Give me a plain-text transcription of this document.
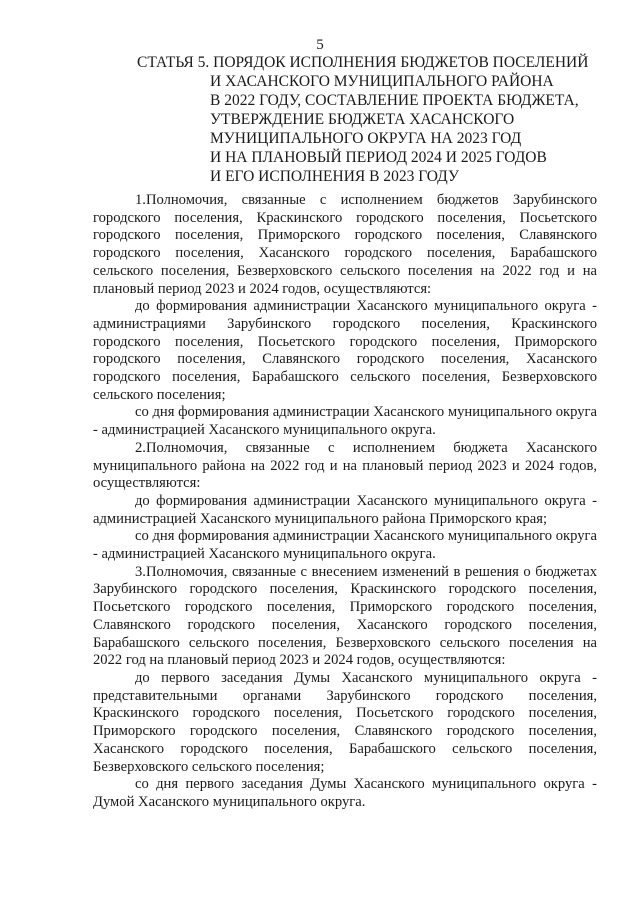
5
СТАТЬЯ 5. ПОРЯДОК ИСПОЛНЕНИЯ БЮДЖЕТОВ ПОСЕЛЕНИЙ
И ХАСАНСКОГО МУНИЦИПАЛЬНОГО РАЙОНА
В 2022 ГОДУ, СОСТАВЛЕНИЕ ПРОЕКТА БЮДЖЕТА,
УТВЕРЖДЕНИЕ БЮДЖЕТА ХАСАНСКОГО
МУНИЦИПАЛЬНОГО ОКРУГА НА 2023 ГОД
И НА ПЛАНОВЫЙ ПЕРИОД 2024 И 2025 ГОДОВ
И ЕГО ИСПОЛНЕНИЯ В 2023 ГОДУ

1.Полномочия, связанные с исполнением бюджетов Зарубинского городского поселения, Краскинского городского поселения, Посьетского городского поселения, Приморского городского поселения, Славянского городского поселения, Хасанского городского поселения, Барабашского сельского поселения, Безверховского сельского поселения на 2022 год и на плановый период 2023 и 2024 годов, осуществляются:

до формирования администрации Хасанского муниципального округа - администрациями Зарубинского городского поселения, Краскинского городского поселения, Посьетского городского поселения, Приморского городского поселения, Славянского городского поселения, Хасанского городского поселения, Барабашского сельского поселения, Безверховского сельского поселения;

со дня формирования администрации Хасанского муниципального округа - администрацией Хасанского муниципального округа.

2.Полномочия, связанные с исполнением бюджета Хасанского муниципального района на 2022 год и на плановый период 2023 и 2024 годов, осуществляются:

до формирования администрации Хасанского муниципального округа - администрацией Хасанского муниципального района Приморского края;

со дня формирования администрации Хасанского муниципального округа - администрацией Хасанского муниципального округа.

3.Полномочия, связанные с внесением изменений в решения о бюджетах Зарубинского городского поселения, Краскинского городского поселения, Посьетского городского поселения, Приморского городского поселения, Славянского городского поселения, Хасанского городского поселения, Барабашского сельского поселения, Безверховского сельского поселения на 2022 год на плановый период 2023 и 2024 годов, осуществляются:

до первого заседания Думы Хасанского муниципального округа - представительными органами Зарубинского городского поселения, Краскинского городского поселения, Посьетского городского поселения, Приморского городского поселения, Славянского городского поселения, Хасанского городского поселения, Барабашского сельского поселения, Безверховского сельского поселения;

со дня первого заседания Думы Хасанского муниципального округа - Думой Хасанского муниципального округа.
